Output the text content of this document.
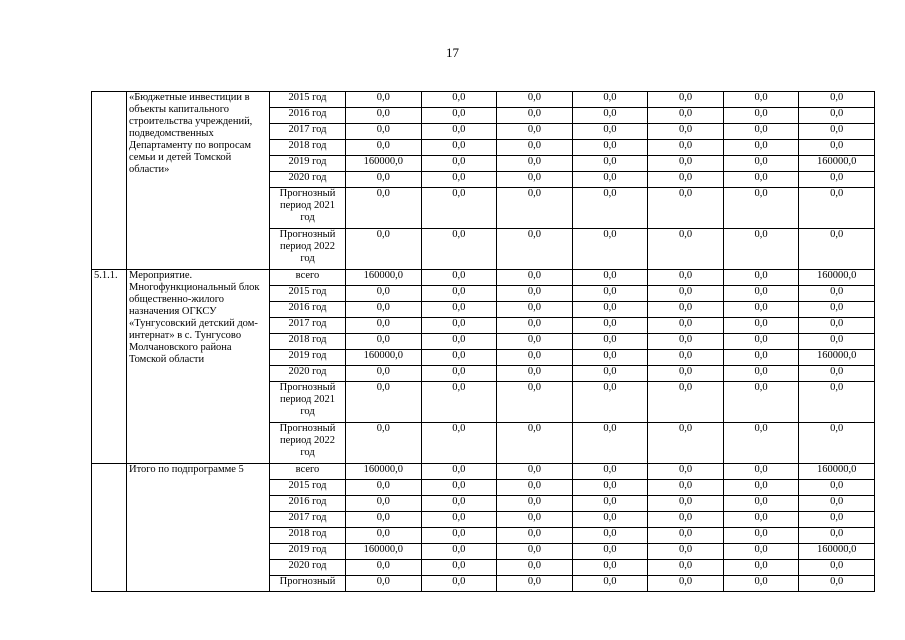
17
	«Бюджетные инвестиции в объекты капитального строительства учреждений, подведомственных Департаменту по вопросам семьи и детей Томской области»	2015 год	0,0	0,0	0,0	0,0	0,0	0,0	0,0
		2016 год	0,0	0,0	0,0	0,0	0,0	0,0	0,0
		2017 год	0,0	0,0	0,0	0,0	0,0	0,0	0,0
		2018 год	0,0	0,0	0,0	0,0	0,0	0,0	0,0
		2019 год	160000,0	0,0	0,0	0,0	0,0	0,0	160000,0
		2020 год	0,0	0,0	0,0	0,0	0,0	0,0	0,0
		Прогнозный период 2021 год	0,0	0,0	0,0	0,0	0,0	0,0	0,0
		Прогнозный период 2022 год	0,0	0,0	0,0	0,0	0,0	0,0	0,0
5.1.1.	Мероприятие. Многофункциональный блок общественно-жилого назначения ОГКСУ «Тунгусовский детский дом-интернат» в с. Тунгусово Молчановского района Томской области	всего	160000,0	0,0	0,0	0,0	0,0	0,0	160000,0
		2015 год	0,0	0,0	0,0	0,0	0,0	0,0	0,0
		2016 год	0,0	0,0	0,0	0,0	0,0	0,0	0,0
		2017 год	0,0	0,0	0,0	0,0	0,0	0,0	0,0
		2018 год	0,0	0,0	0,0	0,0	0,0	0,0	0,0
		2019 год	160000,0	0,0	0,0	0,0	0,0	0,0	160000,0
		2020 год	0,0	0,0	0,0	0,0	0,0	0,0	0,0
		Прогнозный период 2021 год	0,0	0,0	0,0	0,0	0,0	0,0	0,0
		Прогнозный период 2022 год	0,0	0,0	0,0	0,0	0,0	0,0	0,0
	Итого по подпрограмме 5	всего	160000,0	0,0	0,0	0,0	0,0	0,0	160000,0
		2015 год	0,0	0,0	0,0	0,0	0,0	0,0	0,0
		2016 год	0,0	0,0	0,0	0,0	0,0	0,0	0,0
		2017 год	0,0	0,0	0,0	0,0	0,0	0,0	0,0
		2018 год	0,0	0,0	0,0	0,0	0,0	0,0	0,0
		2019 год	160000,0	0,0	0,0	0,0	0,0	0,0	160000,0
		2020 год	0,0	0,0	0,0	0,0	0,0	0,0	0,0
		Прогнозный	0,0	0,0	0,0	0,0	0,0	0,0	0,0
